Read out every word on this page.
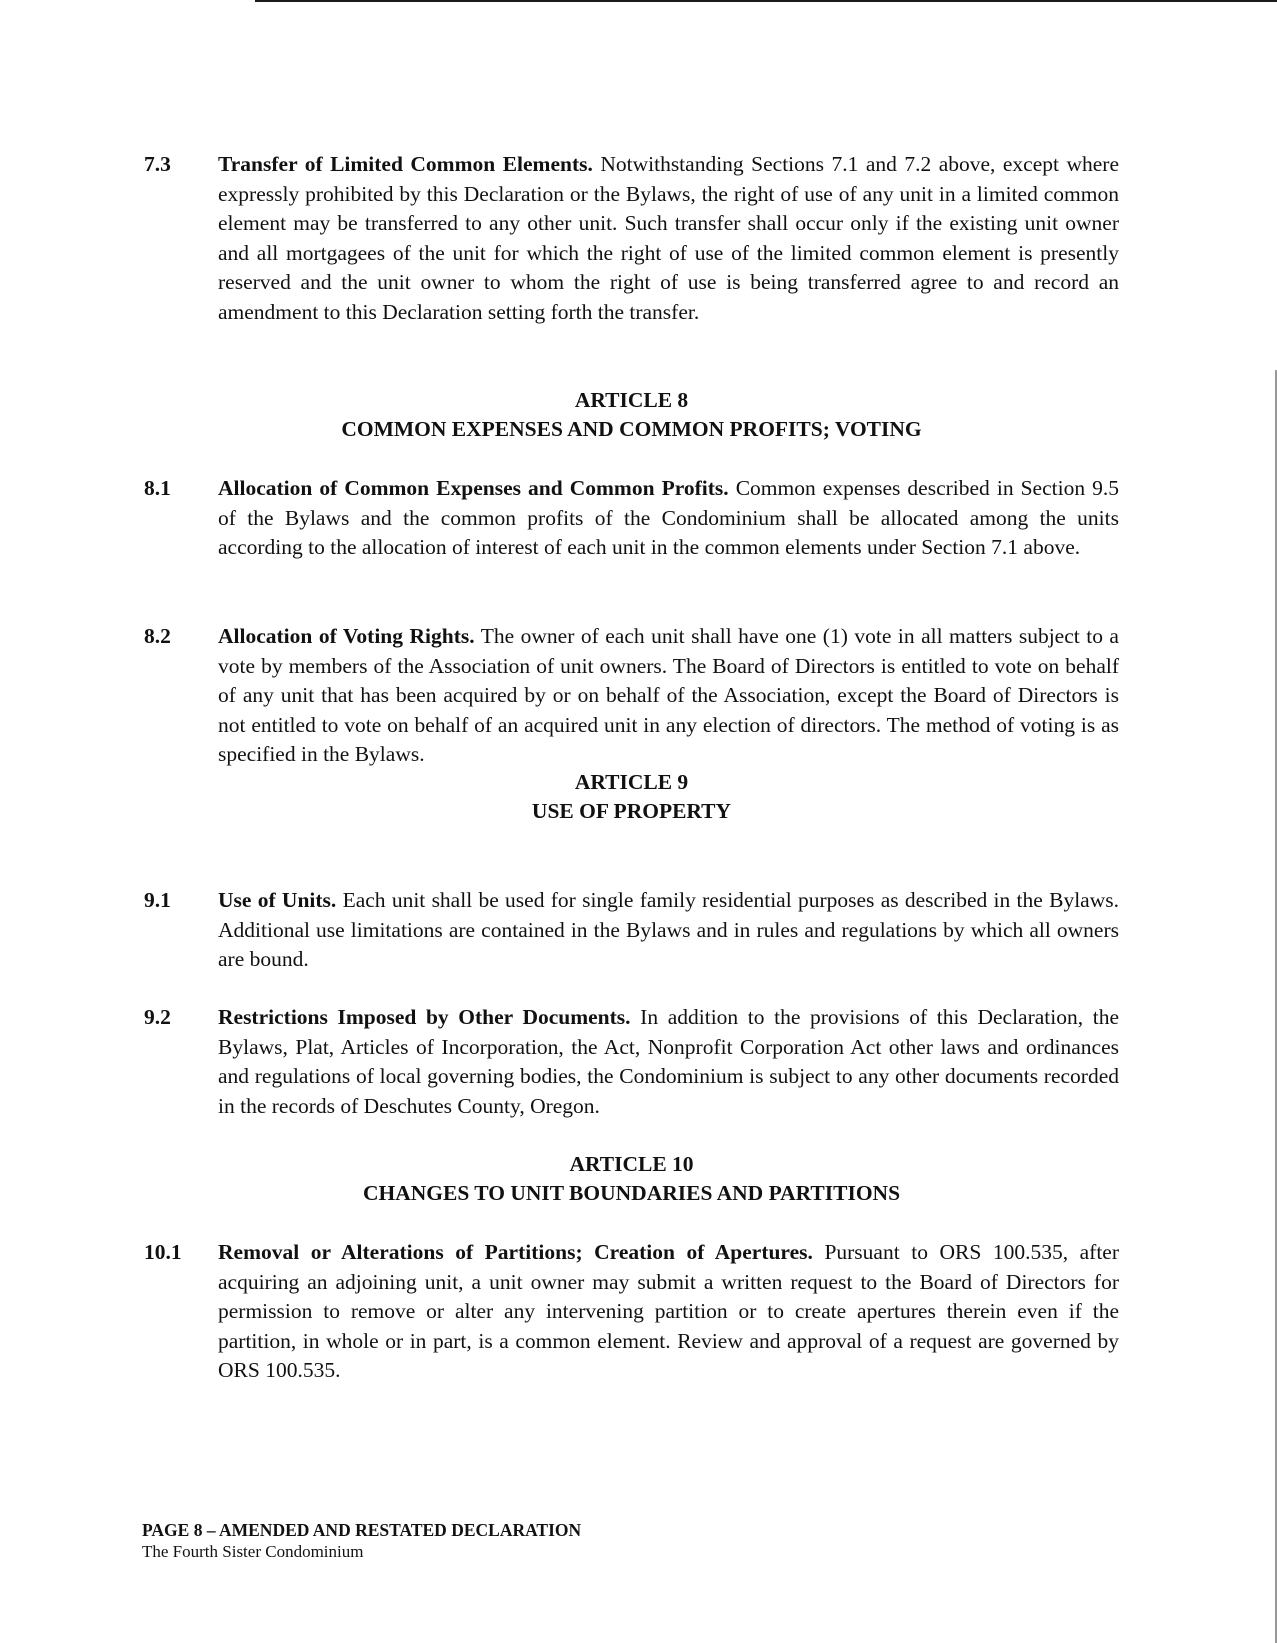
7.3	Transfer of Limited Common Elements. Notwithstanding Sections 7.1 and 7.2 above, except where expressly prohibited by this Declaration or the Bylaws, the right of use of any unit in a limited common element may be transferred to any other unit. Such transfer shall occur only if the existing unit owner and all mortgagees of the unit for which the right of use of the limited common element is presently reserved and the unit owner to whom the right of use is being transferred agree to and record an amendment to this Declaration setting forth the transfer.
ARTICLE 8
COMMON EXPENSES AND COMMON PROFITS; VOTING
8.1	Allocation of Common Expenses and Common Profits. Common expenses described in Section 9.5 of the Bylaws and the common profits of the Condominium shall be allocated among the units according to the allocation of interest of each unit in the common elements under Section 7.1 above.
8.2	Allocation of Voting Rights. The owner of each unit shall have one (1) vote in all matters subject to a vote by members of the Association of unit owners. The Board of Directors is entitled to vote on behalf of any unit that has been acquired by or on behalf of the Association, except the Board of Directors is not entitled to vote on behalf of an acquired unit in any election of directors. The method of voting is as specified in the Bylaws.
ARTICLE 9
USE OF PROPERTY
9.1	Use of Units. Each unit shall be used for single family residential purposes as described in the Bylaws. Additional use limitations are contained in the Bylaws and in rules and regulations by which all owners are bound.
9.2	Restrictions Imposed by Other Documents. In addition to the provisions of this Declaration, the Bylaws, Plat, Articles of Incorporation, the Act, Nonprofit Corporation Act other laws and ordinances and regulations of local governing bodies, the Condominium is subject to any other documents recorded in the records of Deschutes County, Oregon.
ARTICLE 10
CHANGES TO UNIT BOUNDARIES AND PARTITIONS
10.1	Removal or Alterations of Partitions; Creation of Apertures. Pursuant to ORS 100.535, after acquiring an adjoining unit, a unit owner may submit a written request to the Board of Directors for permission to remove or alter any intervening partition or to create apertures therein even if the partition, in whole or in part, is a common element. Review and approval of a request are governed by ORS 100.535.
PAGE 8 – AMENDED AND RESTATED DECLARATION
The Fourth Sister Condominium
